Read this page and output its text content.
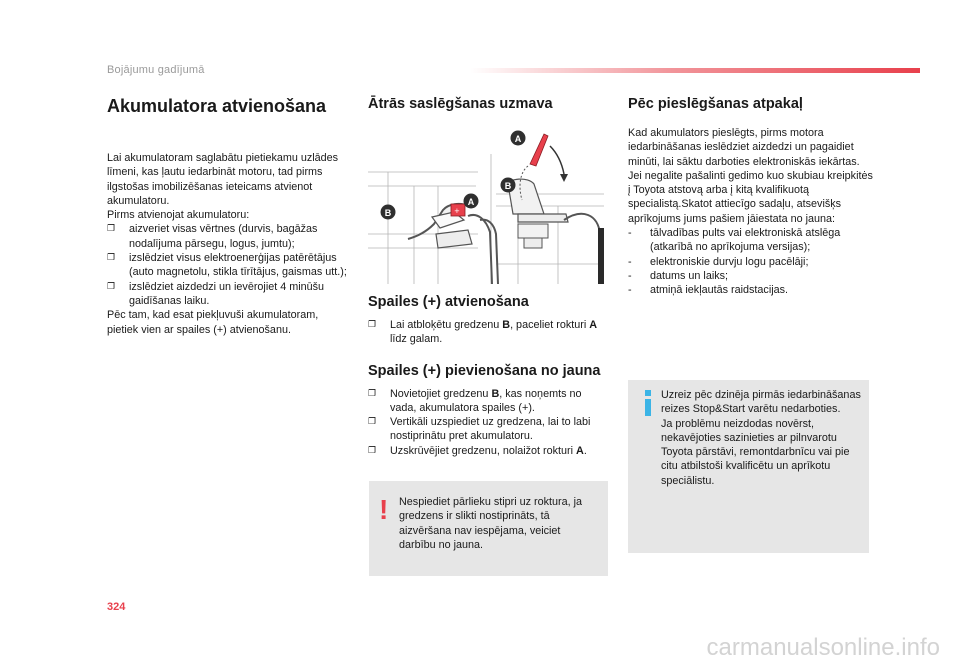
Bojājumu gadījumā
Akumulatora atvienošana

Lai akumulatoram saglabātu pietiekamu uzlādes līmeni, kas ļautu iedarbināt motoru, tad pirms ilgstošas imobilizēšanas ieteicams atvienot akumulatoru.

Pirms atvienojat akumulatoru:

❐	aizveriet visas vērtnes (durvis, bagāžas nodalījuma pārsegu, logus, jumtu);
❐	izslēdziet visus elektroenerģijas patērētājus (auto magnetolu, stikla tīrītājus, gaismas utt.);
❐	izslēdziet aizdedzi un ievērojiet 4 minūšu gaidīšanas laiku.

Pēc tam, kad esat piekļuvuši akumulatoram, pietiek vien ar spailes (+) atvienošanu.

Ātrās saslēgšanas uzmava
+
B
A
A
B
Spailes (+) atvienošana
❐	Lai atbloķētu gredzenu B, paceliet rokturi A līdz galam.
Spailes (+) pievienošana no jauna
❐	Novietojiet gredzenu B, kas noņemts no vada, akumulatora spailes (+).
❐	Vertikāli uzspiediet uz gredzena, lai to labi nostiprinātu pret akumulatoru.
❐	Uzskrūvējiet gredzenu, nolaižot rokturi A.
! Nespiediet pārlieku stipri uz roktura, ja gredzens ir slikti nostiprināts, tā aizvēršana nav iespējama, veiciet darbību no jauna.
Pēc pieslēgšanas atpakaļ

Kad akumulators pieslēgts, pirms motora iedarbināšanas ieslēdziet aizdedzi un pagaidiet minūti, lai sāktu darboties elektroniskās iekārtas.
Jei negalite pašalinti gedimo kuo skubiau kreipkitės į Toyota atstovą arba į kitą kvalifikuotą specialistą.Skatot attiecīgo sadaļu, atsevišķs aprīkojums jums pašiem jāiestata no jauna:

-	tālvadības pults vai elektroniskā atslēga (atkarībā no aprīkojuma versijas);
-	elektroniskie durvju logu pacēlāji;
-	datums un laiks;
-	atmiņā iekļautās raidstacijas.
Uzreiz pēc dzinēja pirmās iedarbināšanas reizes Stop&Start varētu nedarboties.
Ja problēmu neizdodas novērst, nekavējoties sazinieties ar pilnvarotu Toyota pārstāvi, remontdarbnīcu vai pie citu atbilstoši kvalificētu un aprīkotu speciālistu.
324
carmanualsonline.info
